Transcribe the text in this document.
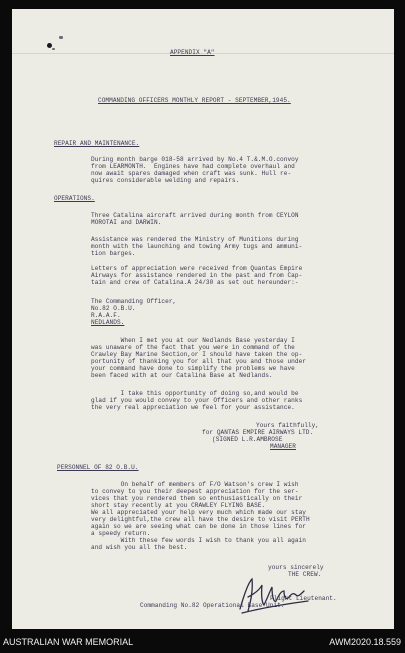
APPENDIX "A"
COMMANDING OFFICERS MONTHLY REPORT - SEPTEMBER,1945.
REPAIR AND MAINTENANCE.
During month barge 018-58 arrived by No.4 T.&.M.O.convoy
from LEARMONTH.  Engines have had complete overhaul and
now await spares damaged when craft was sunk. Hull re-
quires considerable welding and repairs.
OPERATIONS.
Three Catalina aircraft arrived during month from CEYLON
MOROTAI and DARWIN.
Assistance was rendered the Ministry of Munitions during
month with the launching and towing Army tugs and ammuni-
tion barges.
Letters of appreciation were received from Quantas Empire
Airways for assistance rendered in the past and from Cap-
tain and crew of Catalina.A 24/30 as set out hereunder:-
The Commanding Officer,
No.82 O.B.U.
R.A.A.F.
NEDLANDS.
When I met you at our Nedlands Base yesterday I
was unaware of the fact that you were in command of the
Crawley Bay Marine Section,or I should have taken the op-
portunity of thanking you for all that you and those under
your command have done to simplify the problems we have
been faced with at our Catalina Base at Nedlands.
I take this opportunity of doing so,and would be
glad if you would convey to your Officers and other ranks
the very real appreciation we feel for your assistance.
Yours faithfully,
for QANTAS EMPIRE AIRWAYS LTD.
(SIGNED L.R.AMBROSE
MANAGER
PERSONNEL OF 82 O.B.U.
On behalf of members of F/O Watson's crew I wish
to convey to you their deepest appreciation for the ser-
vices that you rendered them so enthusiastically on their
short stay recently at you CRAWLEY FLYING BASE.
We all appreciated your help very much which made our stay
very delightful,the crew all have the desire to visit PERTH
again so we are seeing what can be done in those lines for
a speedy return.
With these few words I wish to thank you all again
and wish you all the best.
yours sincerely
THE CREW.
Flight Lieutenant.
Commanding No.82 Operational Base Unit.
AUSTRALIAN WAR MEMORIAL	AWM2020.18.559
